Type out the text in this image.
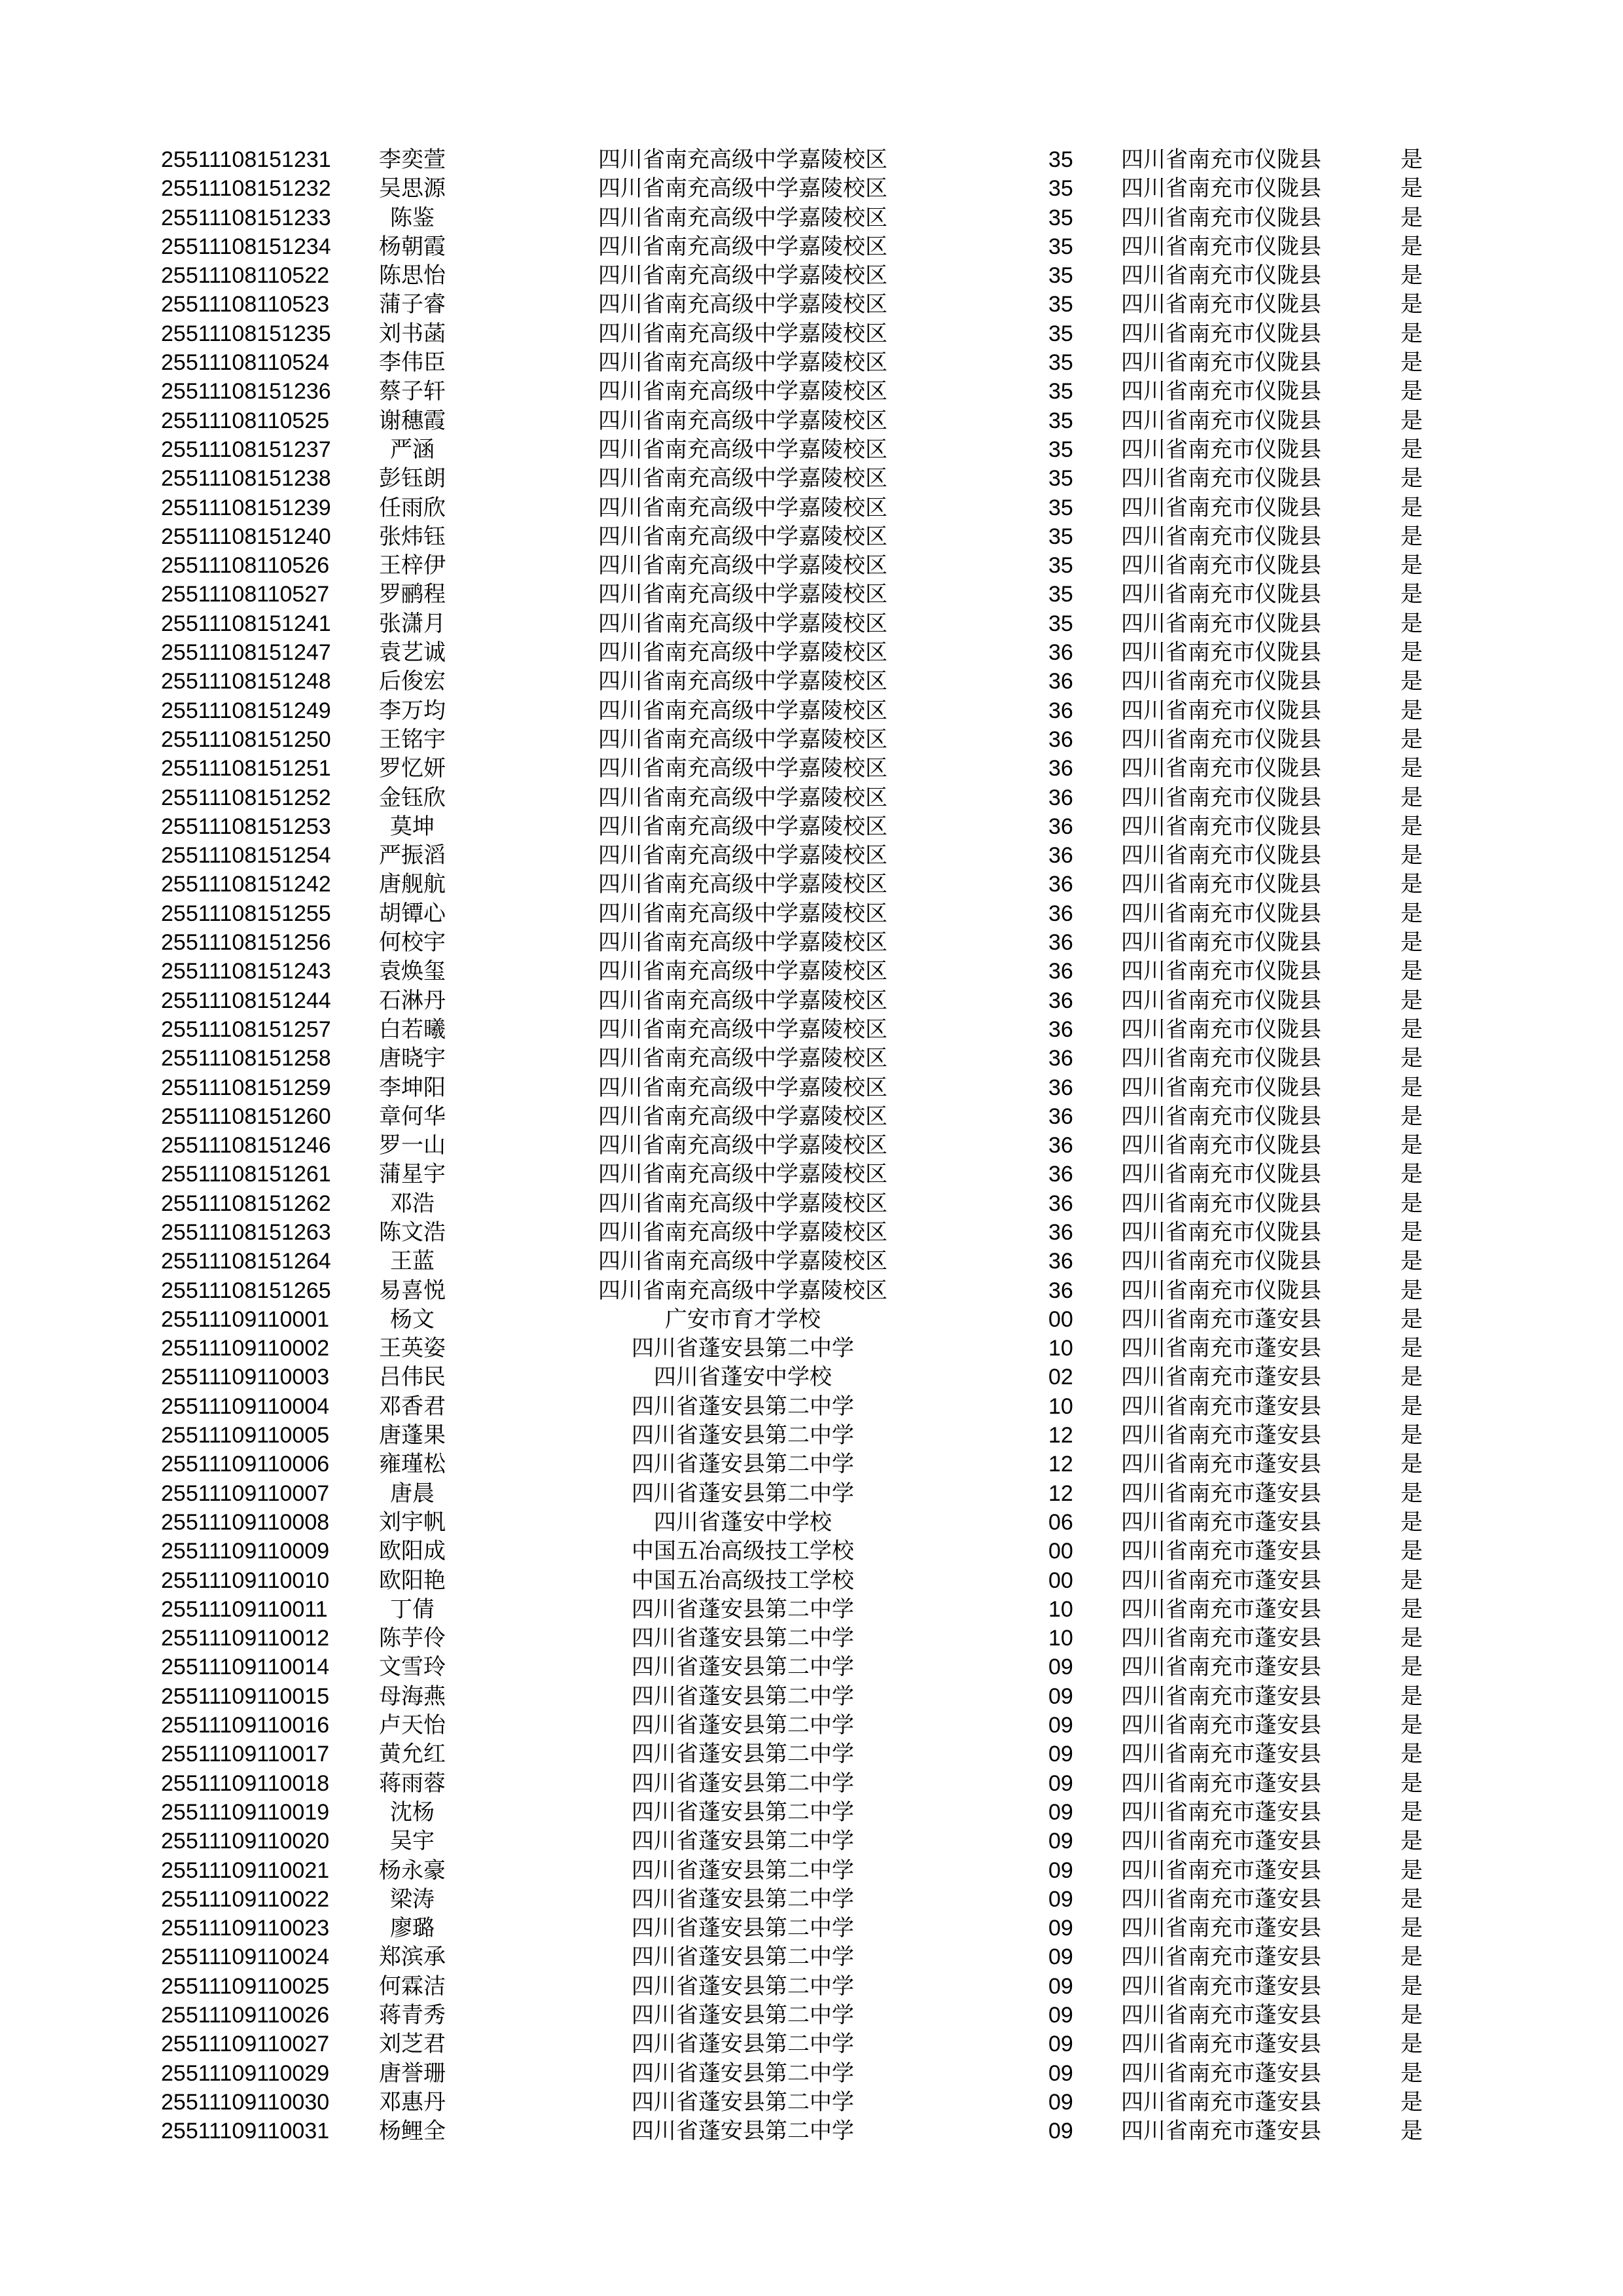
25511108151231	李奕萱	四川省南充高级中学嘉陵校区	35 四川省南充市仪陇县	是
25511108151232	吴思源	四川省南充高级中学嘉陵校区	35 四川省南充市仪陇县	是
25511108151233	陈鉴	四川省南充高级中学嘉陵校区	35 四川省南充市仪陇县	是
25511108151234	杨朝霞	四川省南充高级中学嘉陵校区	35 四川省南充市仪陇县	是
25511108110522	陈思怡	四川省南充高级中学嘉陵校区	35 四川省南充市仪陇县	是
25511108110523	蒲子睿	四川省南充高级中学嘉陵校区	35 四川省南充市仪陇县	是
25511108151235	刘书菡	四川省南充高级中学嘉陵校区	35 四川省南充市仪陇县	是
25511108110524	李伟臣	四川省南充高级中学嘉陵校区	35 四川省南充市仪陇县	是
25511108151236	蔡子轩	四川省南充高级中学嘉陵校区	35 四川省南充市仪陇县	是
25511108110525	谢穗霞	四川省南充高级中学嘉陵校区	35 四川省南充市仪陇县	是
25511108151237	严涵	四川省南充高级中学嘉陵校区	35 四川省南充市仪陇县	是
25511108151238	彭钰朗	四川省南充高级中学嘉陵校区	35 四川省南充市仪陇县	是
25511108151239	任雨欣	四川省南充高级中学嘉陵校区	35 四川省南充市仪陇县	是
25511108151240	张炜钰	四川省南充高级中学嘉陵校区	35 四川省南充市仪陇县	是
25511108110526	王梓伊	四川省南充高级中学嘉陵校区	35 四川省南充市仪陇县	是
25511108110527	罗鹂程	四川省南充高级中学嘉陵校区	35 四川省南充市仪陇县	是
25511108151241	张潇月	四川省南充高级中学嘉陵校区	35 四川省南充市仪陇县	是
25511108151247	袁艺诚	四川省南充高级中学嘉陵校区	36 四川省南充市仪陇县	是
25511108151248	后俊宏	四川省南充高级中学嘉陵校区	36 四川省南充市仪陇县	是
25511108151249	李万均	四川省南充高级中学嘉陵校区	36 四川省南充市仪陇县	是
25511108151250	王铭宇	四川省南充高级中学嘉陵校区	36 四川省南充市仪陇县	是
25511108151251	罗忆妍	四川省南充高级中学嘉陵校区	36 四川省南充市仪陇县	是
25511108151252	金钰欣	四川省南充高级中学嘉陵校区	36 四川省南充市仪陇县	是
25511108151253	莫坤	四川省南充高级中学嘉陵校区	36 四川省南充市仪陇县	是
25511108151254	严振滔	四川省南充高级中学嘉陵校区	36 四川省南充市仪陇县	是
25511108151242	唐舰航	四川省南充高级中学嘉陵校区	36 四川省南充市仪陇县	是
25511108151255	胡镡心	四川省南充高级中学嘉陵校区	36 四川省南充市仪陇县	是
25511108151256	何校宇	四川省南充高级中学嘉陵校区	36 四川省南充市仪陇县	是
25511108151243	袁焕玺	四川省南充高级中学嘉陵校区	36 四川省南充市仪陇县	是
25511108151244	石淋丹	四川省南充高级中学嘉陵校区	36 四川省南充市仪陇县	是
25511108151257	白若曦	四川省南充高级中学嘉陵校区	36 四川省南充市仪陇县	是
25511108151258	唐晓宇	四川省南充高级中学嘉陵校区	36 四川省南充市仪陇县	是
25511108151259	李坤阳	四川省南充高级中学嘉陵校区	36 四川省南充市仪陇县	是
25511108151260	章何华	四川省南充高级中学嘉陵校区	36 四川省南充市仪陇县	是
25511108151246	罗一山	四川省南充高级中学嘉陵校区	36 四川省南充市仪陇县	是
25511108151261	蒲星宇	四川省南充高级中学嘉陵校区	36 四川省南充市仪陇县	是
25511108151262	邓浩	四川省南充高级中学嘉陵校区	36 四川省南充市仪陇县	是
25511108151263	陈文浩	四川省南充高级中学嘉陵校区	36 四川省南充市仪陇县	是
25511108151264	王蓝	四川省南充高级中学嘉陵校区	36 四川省南充市仪陇县	是
25511108151265	易喜悦	四川省南充高级中学嘉陵校区	36 四川省南充市仪陇县	是
25511109110001	杨文	广安市育才学校	00 四川省南充市蓬安县	是
25511109110002	王英姿	四川省蓬安县第二中学	10 四川省南充市蓬安县	是
25511109110003	吕伟民	四川省蓬安中学校	02 四川省南充市蓬安县	是
25511109110004	邓香君	四川省蓬安县第二中学	10 四川省南充市蓬安县	是
25511109110005	唐蓬果	四川省蓬安县第二中学	12 四川省南充市蓬安县	是
25511109110006	雍瑾松	四川省蓬安县第二中学	12 四川省南充市蓬安县	是
25511109110007	唐晨	四川省蓬安县第二中学	12 四川省南充市蓬安县	是
25511109110008	刘宇帆	四川省蓬安中学校	06 四川省南充市蓬安县	是
25511109110009	欧阳成	中国五冶高级技工学校	00 四川省南充市蓬安县	是
25511109110010	欧阳艳	中国五冶高级技工学校	00 四川省南充市蓬安县	是
25511109110011	丁倩	四川省蓬安县第二中学	10 四川省南充市蓬安县	是
25511109110012	陈芋伶	四川省蓬安县第二中学	10 四川省南充市蓬安县	是
25511109110014	文雪玲	四川省蓬安县第二中学	09 四川省南充市蓬安县	是
25511109110015	母海燕	四川省蓬安县第二中学	09 四川省南充市蓬安县	是
25511109110016	卢天怡	四川省蓬安县第二中学	09 四川省南充市蓬安县	是
25511109110017	黄允红	四川省蓬安县第二中学	09 四川省南充市蓬安县	是
25511109110018	蒋雨蓉	四川省蓬安县第二中学	09 四川省南充市蓬安县	是
25511109110019	沈杨	四川省蓬安县第二中学	09 四川省南充市蓬安县	是
25511109110020	吴宇	四川省蓬安县第二中学	09 四川省南充市蓬安县	是
25511109110021	杨永豪	四川省蓬安县第二中学	09 四川省南充市蓬安县	是
25511109110022	梁涛	四川省蓬安县第二中学	09 四川省南充市蓬安县	是
25511109110023	廖璐	四川省蓬安县第二中学	09 四川省南充市蓬安县	是
25511109110024	郑滨承	四川省蓬安县第二中学	09 四川省南充市蓬安县	是
25511109110025	何霖洁	四川省蓬安县第二中学	09 四川省南充市蓬安县	是
25511109110026	蒋青秀	四川省蓬安县第二中学	09 四川省南充市蓬安县	是
25511109110027	刘芝君	四川省蓬安县第二中学	09 四川省南充市蓬安县	是
25511109110029	唐誉珊	四川省蓬安县第二中学	09 四川省南充市蓬安县	是
25511109110030	邓惠丹	四川省蓬安县第二中学	09 四川省南充市蓬安县	是
25511109110031	杨鲤全	四川省蓬安县第二中学	09 四川省南充市蓬安县	是
